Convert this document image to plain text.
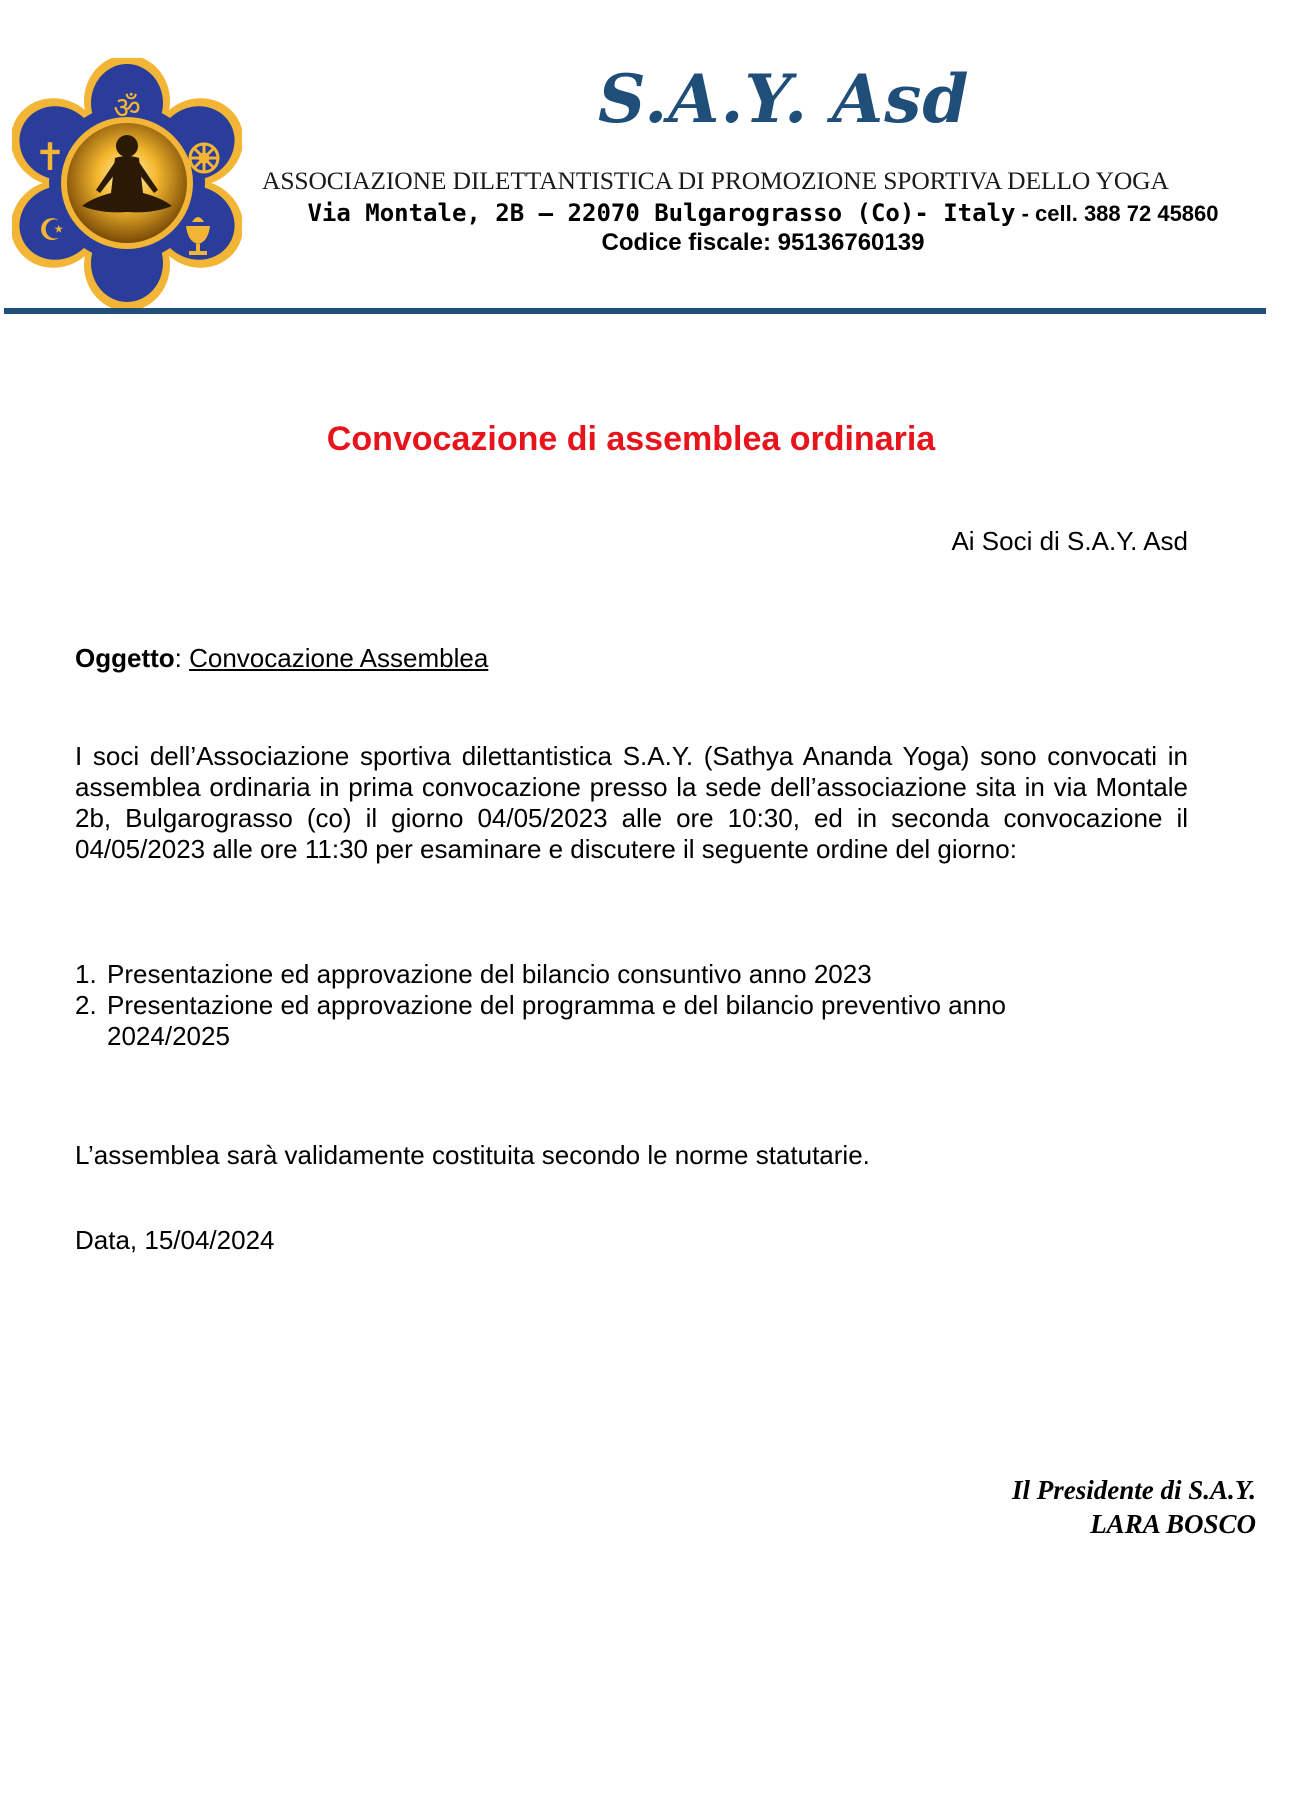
ॐ
✝
☪
S.A.Y. Asd
ASSOCIAZIONE DILETTANTISTICA DI PROMOZIONE SPORTIVA DELLO YOGA
Via Montale, 2B – 22070 Bulgarograsso (Co)- Italy - cell. 388 72 45860
Codice fiscale: 95136760139
Convocazione di assemblea ordinaria
Ai Soci di S.A.Y. Asd
Oggetto: Convocazione Assemblea
I soci dell’Associazione sportiva dilettantistica S.A.Y. (Sathya Ananda Yoga) sono convocati in assemblea ordinaria in prima convocazione presso la sede dell’associazione sita in via Montale 2b, Bulgarograsso (co) il giorno 04/05/2023 alle ore 10:30, ed in seconda convocazione il 04/05/2023 alle ore 11:30 per esaminare e discutere il seguente ordine del giorno:
1. Presentazione ed approvazione del bilancio consuntivo anno 2023
2. Presentazione ed approvazione del programma e del bilancio preventivo anno 2024/2025
L’assemblea sarà validamente costituita secondo le norme statutarie.
Data, 15/04/2024
Il Presidente di S.A.Y.
LARA BOSCO
